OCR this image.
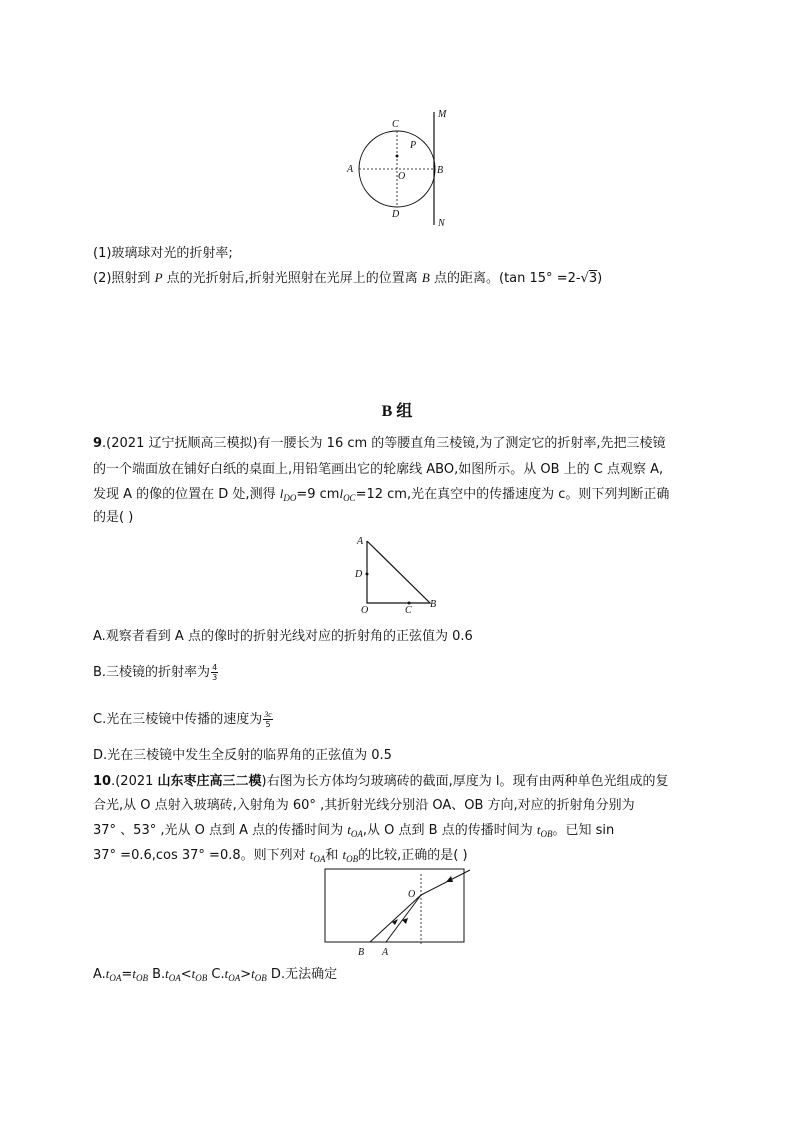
C
P
A
O
B
D
M
N
(1)玻璃球对光的折射率;
(2)照射到 P 点的光折射后,折射光照射在光屏上的位置离 B 点的距离。(tan 15° =2-√3)
B 组
9.(2021 辽宁抚顺高三模拟)有一腰长为 16 cm 的等腰直角三棱镜,为了测定它的折射率,先把三棱镜
的一个端面放在铺好白纸的桌面上,用铅笔画出它的轮廓线 ABO,如图所示。从 OB 上的 C 点观察 A,
发现 A 的像的位置在 D 处,测得 $l_{DO}=9$ cml$_{OC}$=12 cm,光在真空中的传播速度为 c。则下列判断正确
的是( )
A
D
O	C
B
A.观察者看到 A 点的像时的折射光线对应的折射角的正弦值为 0.6
B.三棱镜的折射率为 $\frac{4}{3}$
C.光在三棱镜中传播的速度为 $\frac{3c}{5}$
D.光在三棱镜中发生全反射的临界角的正弦值为 0.5
10.(2021 山东枣庄高三二模)右图为长方体均匀玻璃砖的截面,厚度为 l。现有由两种单色光组成的复
合光,从 O 点射入玻璃砖,入射角为 60° ,其折射光线分别沿 OA、OB 方向,对应的折射角分别为
37° 、53° ,光从 O 点到 A 点的传播时间为 $t_{OA}$,从 O 点到 B 点的传播时间为 $t_{OB}$。已知 sin
37° =0.6,cos 37° =0.8。则下列对 $t_{OA}$和 $t_{OB}$的比较,正确的是( )
O
B A
$A.t_{OA}=t_{OB}$ $B.t_{OA}<t_{OB}$ $C.t_{OA}>t_{OB}$ D.无法确定
